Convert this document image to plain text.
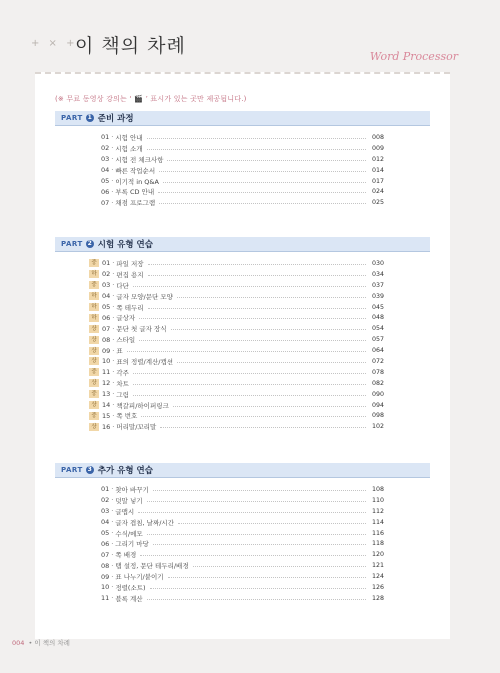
+ × +
이 책의 차례	Word Processor
(※ 무료 동영상 강의는 ‘ 🎬 ’ 표시가 있는 곳만 제공됩니다.)
PART 1 준비 과정
01 · 시험 안내	008
02 · 시험 소개	009
03 · 시험 전 체크사항	012
04 · 빠른 작업순서	014
05 · 이기적 in Q&A	017
06 · 부록 CD 안내	024
07 · 채점 프로그램	025
PART 2 시험 유형 연습
중 01 · 파일 저장	030
하 02 · 편집 용지	034
중 03 · 다단	037
하 04 · 글자 모양/문단 모양	039
하 05 · 쪽 테두리	045
하 06 · 글상자	048
상 07 · 문단 첫 글자 장식	054
상 08 · 스타일	057
상 09 · 표	064
상 10 · 표의 정렬/계산/캡션	072
중 11 · 각주	078
상 12 · 차트	082
중 13 · 그림	090
상 14 · 책갈피/하이퍼링크	094
중 15 · 쪽 번호	098
상 16 · 머리말/꼬리말	102
PART 3 추가 유형 연습
01 · 찾아 바꾸기	108
02 · 덧말 넣기	110
03 · 글맵시	112
04 · 글자 겹침, 날짜/시간	114
05 · 수식/메모	116
06 · 그리기 마당	118
07 · 쪽 배경	120
08 · 탭 설정, 문단 테두리/배경	121
09 · 표 나누기/붙이기	124
10 · 정렬(소트)	126
11 · 블록 계산	128
004 • 이 책의 차례
